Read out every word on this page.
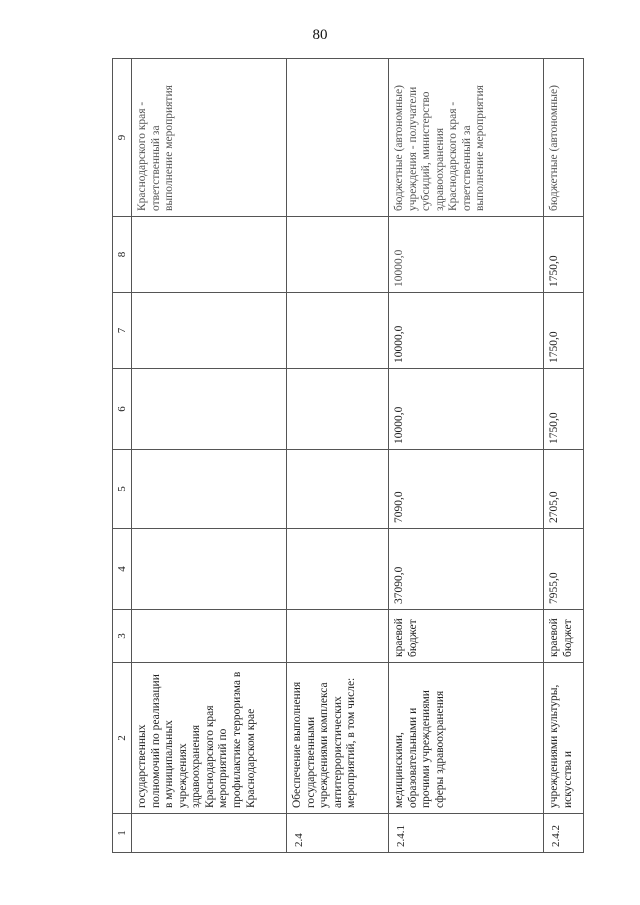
80
1	2	3	4	5	6	7	8	9
	государственных полномочий по реализации в муниципальных учреждениях здравоохранения Краснодарского края мероприятий по профилактике терроризма в Краснодарском крае							Краснодарского края - ответственный за выполнение мероприятия
2.4	Обеспечение выполнения государственными учреждениями комплекса антитеррористических мероприятий, в том числе:							
2.4.1	медицинскими, образовательными и прочими учреждениями сферы здравоохранения	краевой бюджет	37090,0	7090,0	10000,0	10000,0	10000,0	бюджетные (автономные) учреждения - получатели субсидий, министерство здравоохранения Краснодарского края - ответственный за выполнение мероприятия
2.4.2	учреждениями культуры, искусства и	краевой бюджет	7955,0	2705,0	1750,0	1750,0	1750,0	бюджетные (автономные)
